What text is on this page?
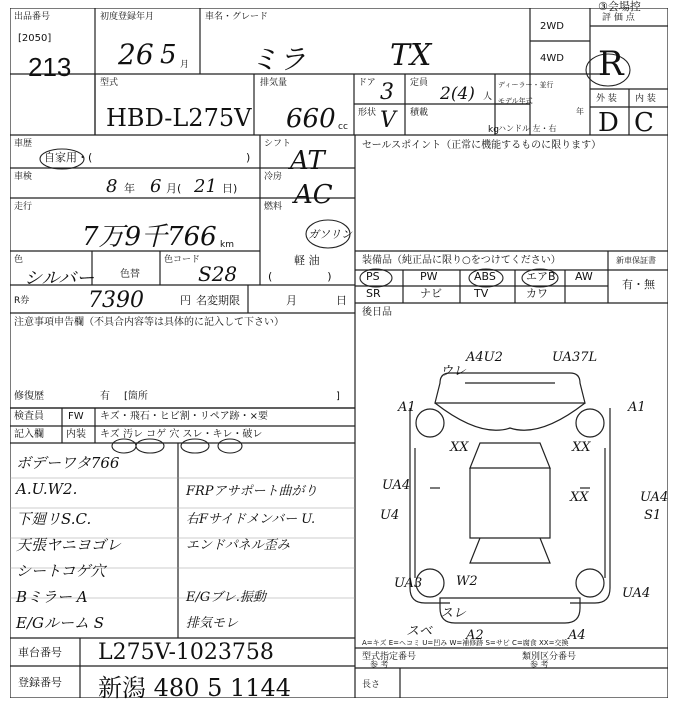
出品番号
[2050]
213
初度登録年月
26 5 月
車名・グレード
ミラ	TX
2WD
4WD
評 価 点
R
③会場控
型式
HBD-L275V
排気量
660 cc
ドア 3
形状 V
定員
2(4) 人
積載
kg
ディーラー・並行
モデル年式
年
ハンドル 左・右
外 装 内 装
D C
車歴
自家用・(	)
シフト
AT
車検	8 年 6 月( 21 日)
冷房
AC
走行
7万9千766 km
燃料
ガソリン
軽 油
色
シルバー	色替
色コード
S28	(　　　　　)
R券	7390	円 名変期限	月	日
注意事項申告欄（不具合内容等は具体的に記入して下さい）
修復歴	有 [箇所	]
セールスポイント（正常に機能するものに限ります）
装備品（純正品に限り○をつけてください）	新車保証書
有・無
PS	PW	ABS	エアB AW
SR	ナビ	TV	カワ
後日品
検査員
記入欄
FW キズ・飛石・ヒビ割・リペア跡・×要
内装 キズ 汚レ コゲ 穴 スレ・キレ・破レ
ボデーワタ766
A.U.W2.
下廻リS.C.
天張ヤニヨゴレ
シートコゲ穴
Bミラー A
E/Gルーム S
FRPアサポート曲がり
右Fサイドメンバー U.
エンドパネル歪み
E/Gブレ.振動
排気モレ
ウレ
A4U2	UA37L
A1	A1
XX	XX
UA4
XX	UA4
U4	S1
UA3	W2
UA4
スレ
A2	A4
スベ
車台番号 L275V-1023758
登録番号 新潟 480 5 1144
A=キズ E=ヘコミ U=凹み W=補修跡 S=サビ C=腐食 XX=交換
型式指定番号	類別区分番号
参 考	参 考
長さ
